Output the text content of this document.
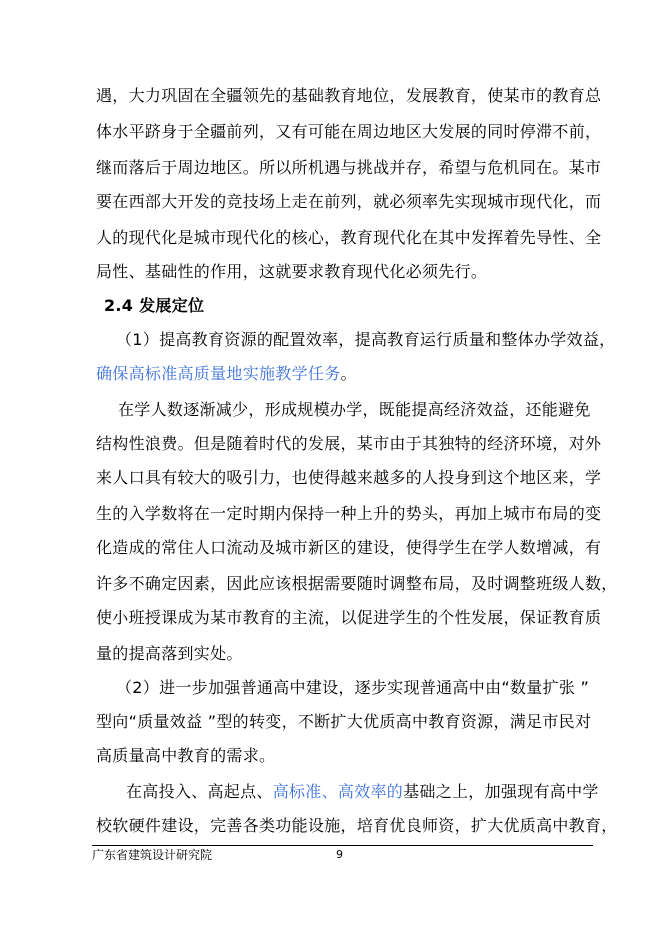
遇，大力巩固在全疆领先的基础教育地位，发展教育，使某市的教育总
体水平跻身于全疆前列，又有可能在周边地区大发展的同时停滞不前，
继而落后于周边地区。所以所机遇与挑战并存，希望与危机同在。某市
要在西部大开发的竞技场上走在前列，就必须率先实现城市现代化，而
人的现代化是城市现代化的核心，教育现代化在其中发挥着先导性、全
局性、基础性的作用，这就要求教育现代化必须先行。
2.4 发展定位
（1）提高教育资源的配置效率，提高教育运行质量和整体办学效益，
确保高标准高质量地实施教学任务。
在学人数逐渐减少，形成规模办学，既能提高经济效益，还能避免
结构性浪费。但是随着时代的发展，某市由于其独特的经济环境，对外
来人口具有较大的吸引力，也使得越来越多的人投身到这个地区来，学
生的入学数将在一定时期内保持一种上升的势头，再加上城市布局的变
化造成的常住人口流动及城市新区的建设，使得学生在学人数增减，有
许多不确定因素，因此应该根据需要随时调整布局，及时调整班级人数，
使小班授课成为某市教育的主流，以促进学生的个性发展，保证教育质
量的提高落到实处。
（2）进一步加强普通高中建设，逐步实现普通高中由“数量扩张 ”
型向“质量效益 ”型的转变，不断扩大优质高中教育资源，满足市民对
高质量高中教育的需求。
在高投入、高起点、高标准、高效率的基础之上，加强现有高中学
校软硬件建设，完善各类功能设施，培育优良师资，扩大优质高中教育，
广东省建筑设计研究院	9
